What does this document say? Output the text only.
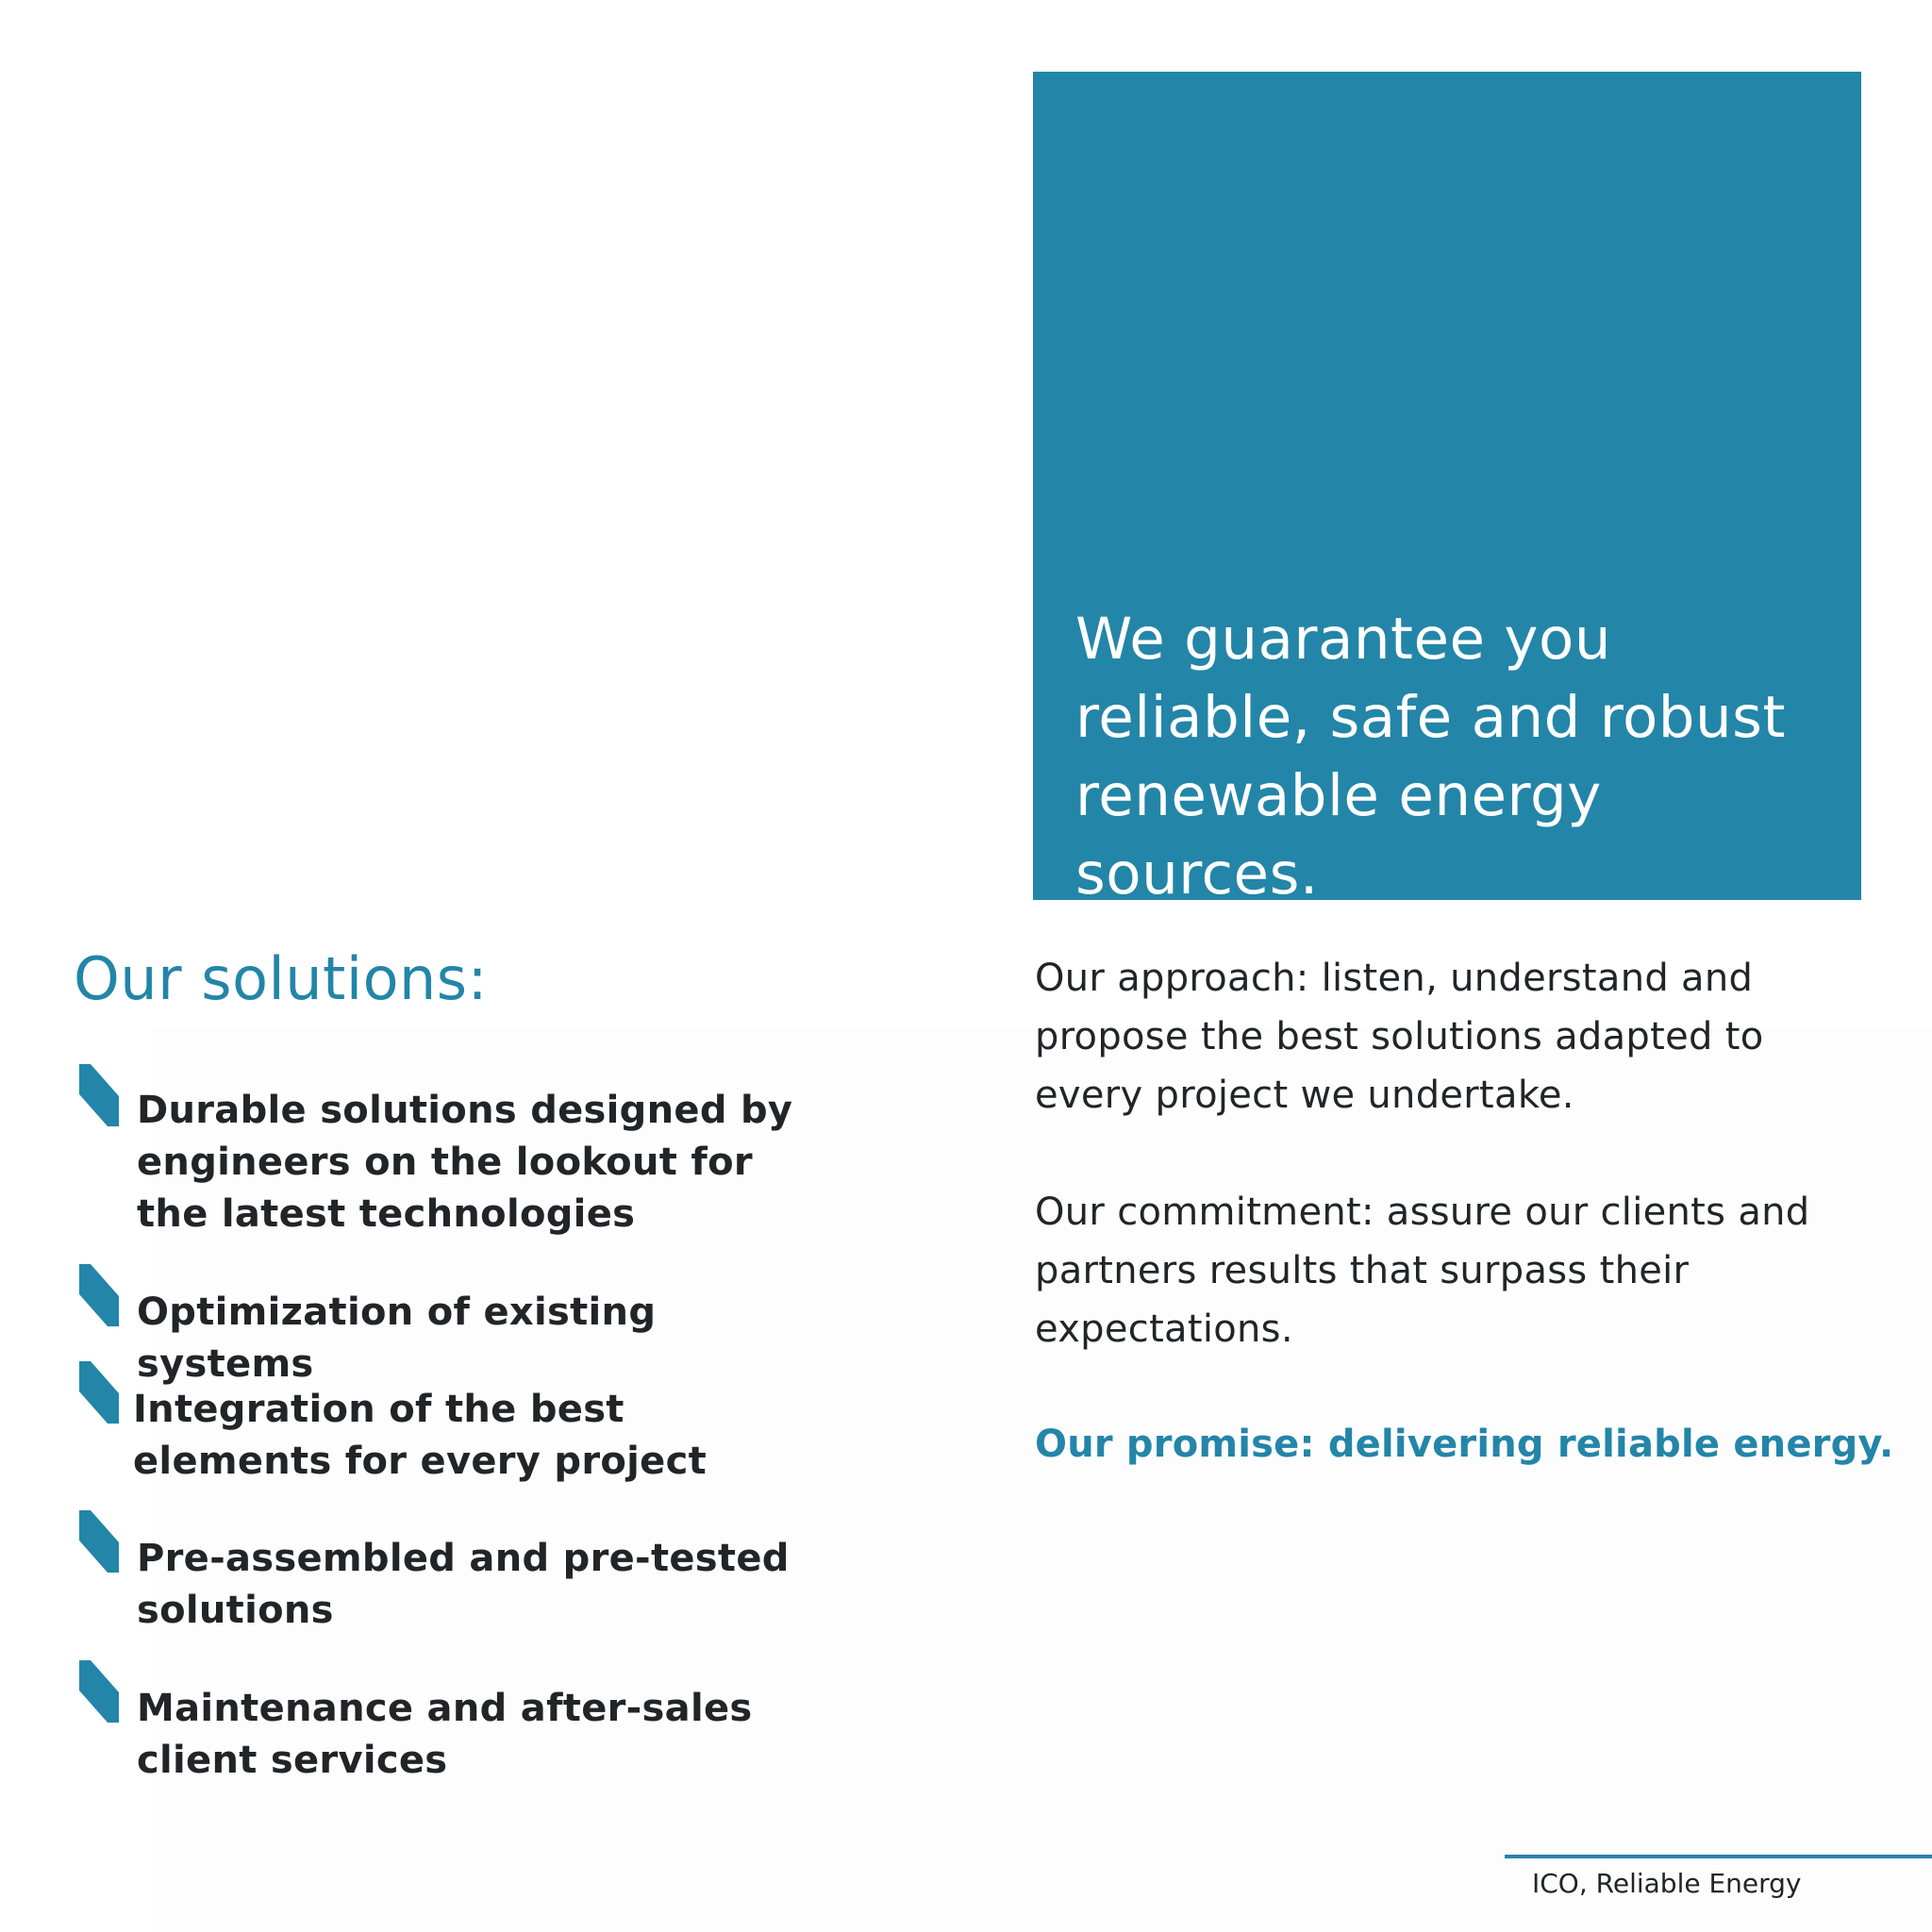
We guarantee you reliable, safe and robust renewable energy sources.

Our solutions:

Durable solutions designed by engineers on the lookout for the latest technologies

Optimization of existing systems

Integration of the best elements for every project

Pre-assembled and pre-tested solutions

Maintenance and after-sales client services

Our approach: listen, understand and propose the best solutions adapted to every project we undertake.

Our commitment: assure our clients and partners results that surpass their expectations.

Our promise: delivering reliable energy.

ICO, Reliable Energy
